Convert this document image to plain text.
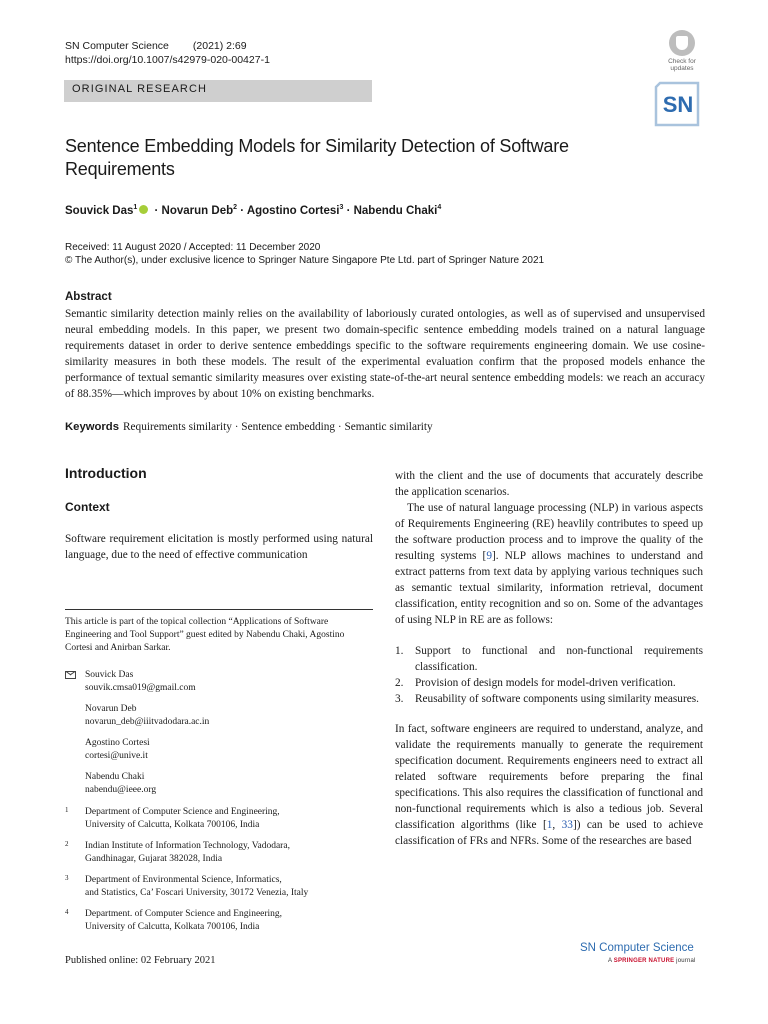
SN Computer Science (2021) 2:69
https://doi.org/10.1007/s42979-020-00427-1
ORIGINAL RESEARCH
Check for
updates
SN
Sentence Embedding Models for Similarity Detection of Software Requirements
Souvick Das$^1$ · Novarun Deb$^2$ · Agostino Cortesi$^3$ · Nabendu Chaki$^4$
Received: 11 August 2020 / Accepted: 11 December 2020
© The Author(s), under exclusive licence to Springer Nature Singapore Pte Ltd. part of Springer Nature 2021
Abstract
Semantic similarity detection mainly relies on the availability of laboriously curated ontologies, as well as of supervised and unsupervised neural embedding models. In this paper, we present two domain-specific sentence embedding models trained on a natural language requirements dataset in order to derive sentence embeddings specific to the software requirements engineering domain. We use cosine-similarity measures in both these models. The result of the experimental evaluation confirm that the proposed models enhance the performance of textual semantic similarity measures over existing state-of-the-art neural sentence embedding models: we reach an accuracy of 88.35%—which improves by about 10% on existing benchmarks.
Keywords Requirements similarity · Sentence embedding · Semantic similarity
Introduction
Context
Software requirement elicitation is mostly performed using natural language, due to the need of effective communication
This article is part of the topical collection “Applications of Software Engineering and Tool Support” guest edited by Nabendu Chaki, Agostino Cortesi and Anirban Sarkar.
Souvick Das
souvik.cmsa019@gmail.com
Novarun Deb
novarun_deb@iiitvadodara.ac.in
Agostino Cortesi
cortesi@unive.it
Nabendu Chaki
nabendu@ieee.org
1 Department of Computer Science and Engineering,
University of Calcutta, Kolkata 700106, India
2 Indian Institute of Information Technology, Vadodara,
Gandhinagar, Gujarat 382028, India
3 Department of Environmental Science, Informatics,
and Statistics, Ca’ Foscari University, 30172 Venezia, Italy
4 Department. of Computer Science and Engineering,
University of Calcutta, Kolkata 700106, India
Published online: 02 February 2021

with the client and the use of documents that accurately describe the application scenarios.

The use of natural language processing (NLP) in various aspects of Requirements Engineering (RE) heavlily contributes to speed up the software production process and to improve the quality of the resulting systems [9]. NLP allows machines to understand and extract patterns from text data by applying various techniques such as semantic textual similarity, information retrieval, document classification, entity recognition and so on. Some of the advantages of using NLP in RE are as follows:

1. Support to functional and non-functional requirements classification.
2. Provision of design models for model-driven verification.
3. Reusability of software components using similarity measures.

In fact, software engineers are required to understand, analyze, and validate the requirements manually to generate the requirement specification document. Requirements engineers need to extract all related software requirements before preparing the final specifications. This also requires the classification of functional and non-functional requirements which is also a tedious job. Several classification algorithms (like [1, 33]) can be used to achieve classification of FRs and NFRs. Some of the researches are based

SN Computer Science
A SPRINGER NATURE journal
